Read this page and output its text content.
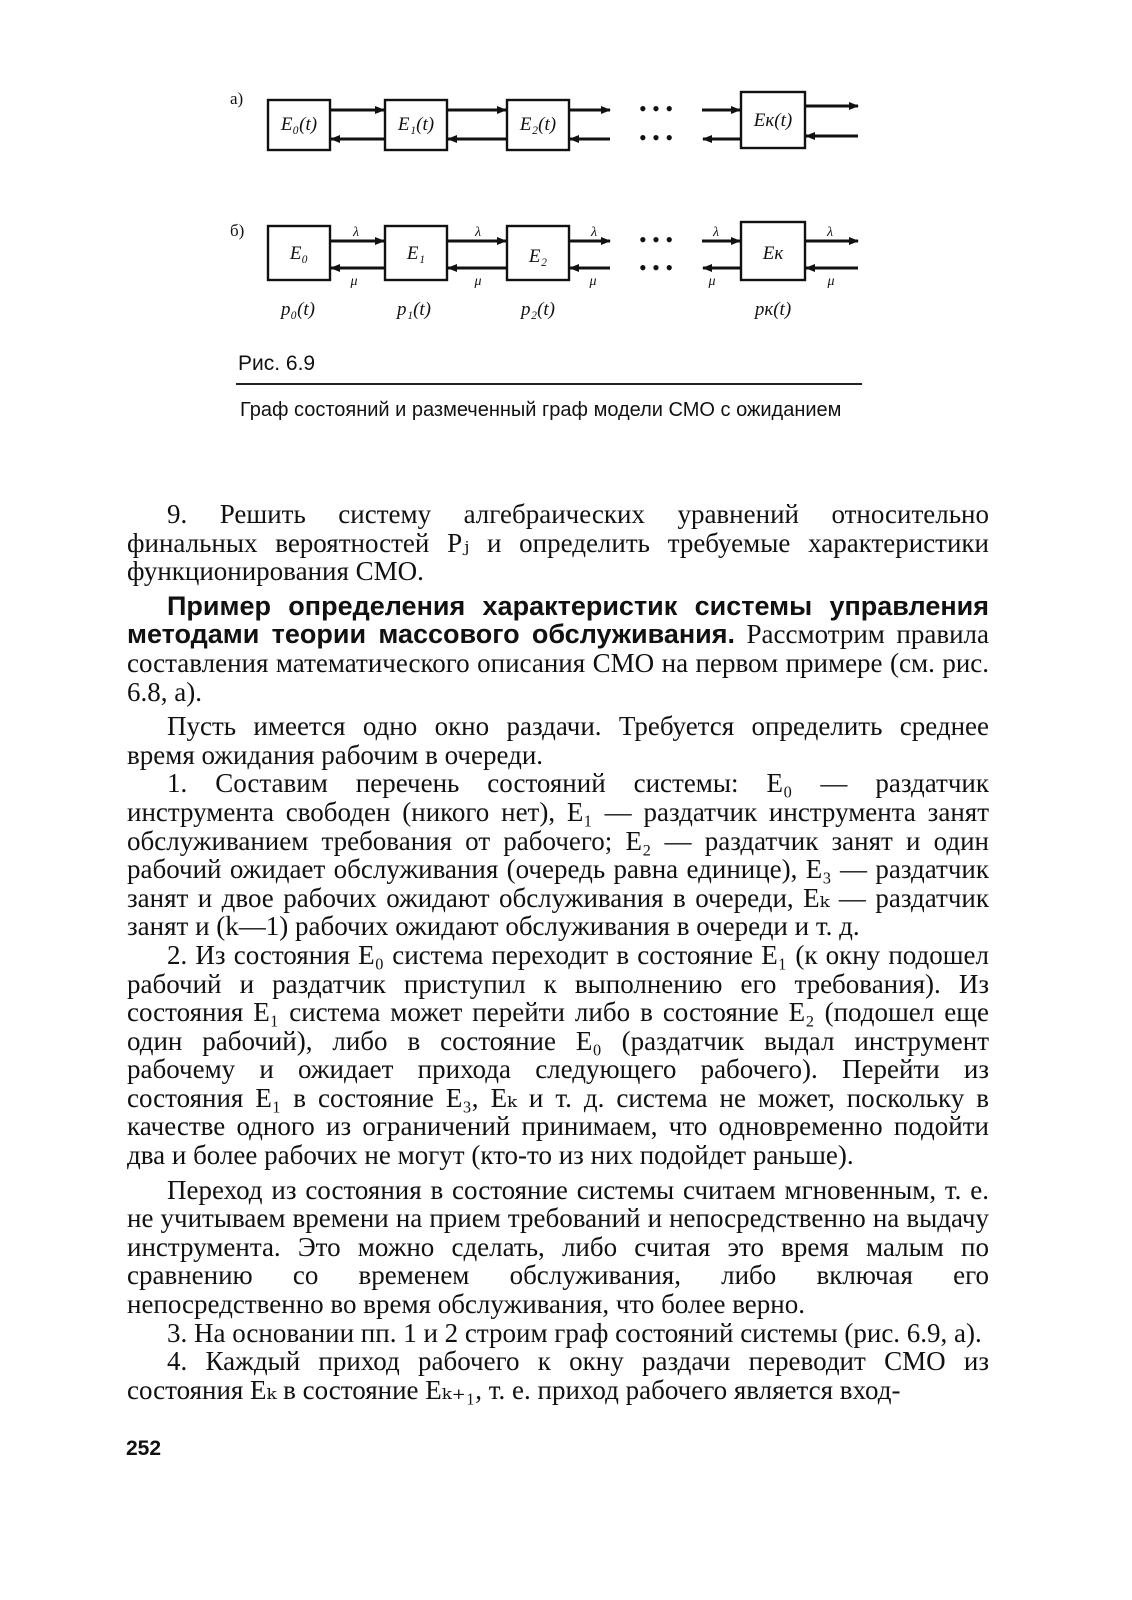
а)
E₀(t)	E₁(t)	E₂(t)	Eк(t)
• • •
• • •
б)
E₀	E₁	E₂	Eк
• • •
• • •
λ	λ	λ	λ	λ
μ	μ	μ	μ	μ
p₀(t)	p₁(t)	p₂(t)	pк(t)
Рис. 6.9
Граф состояний и размеченный граф модели СМО с ожиданием

9. Решить систему алгебраических уравнений относительно финальных вероятностей Pⱼ и определить требуемые характеристики функционирования СМО.

Пример определения характеристик системы управления методами теории массового обслуживания. Рассмотрим правила составления математического описания СМО на первом примере (см. рис. 6.8, а).

Пусть имеется одно окно раздачи. Требуется определить среднее время ожидания рабочим в очереди.

1. Составим перечень состояний системы: E₀ — раздатчик инструмента свободен (никого нет), E₁ — раздатчик инструмента занят обслуживанием требования от рабочего; E₂ — раздатчик занят и один рабочий ожидает обслуживания (очередь равна единице), E₃ — раздатчик занят и двое рабочих ожидают обслуживания в очереди, Eₖ — раздатчик занят и (k—1) рабочих ожидают обслуживания в очереди и т. д.

2. Из состояния E₀ система переходит в состояние E₁ (к окну подошел рабочий и раздатчик приступил к выполнению его требования). Из состояния E₁ система может перейти либо в состояние E₂ (подошел еще один рабочий), либо в состояние E₀ (раздатчик выдал инструмент рабочему и ожидает прихода следующего рабочего). Перейти из состояния E₁ в состояние E₃, Eₖ и т. д. система не может, поскольку в качестве одного из ограничений принимаем, что одновременно подойти два и более рабочих не могут (кто-то из них подойдет раньше).

Переход из состояния в состояние системы считаем мгновенным, т. е. не учитываем времени на прием требований и непосредственно на выдачу инструмента. Это можно сделать, либо считая это время малым по сравнению со временем обслуживания, либо включая его непосредственно во время обслуживания, что более верно.

3. На основании пп. 1 и 2 строим граф состояний системы (рис. 6.9, а).

4. Каждый приход рабочего к окну раздачи переводит СМО из состояния Eₖ в состояние Eₖ₊₁, т. е. приход рабочего является вход-

252
